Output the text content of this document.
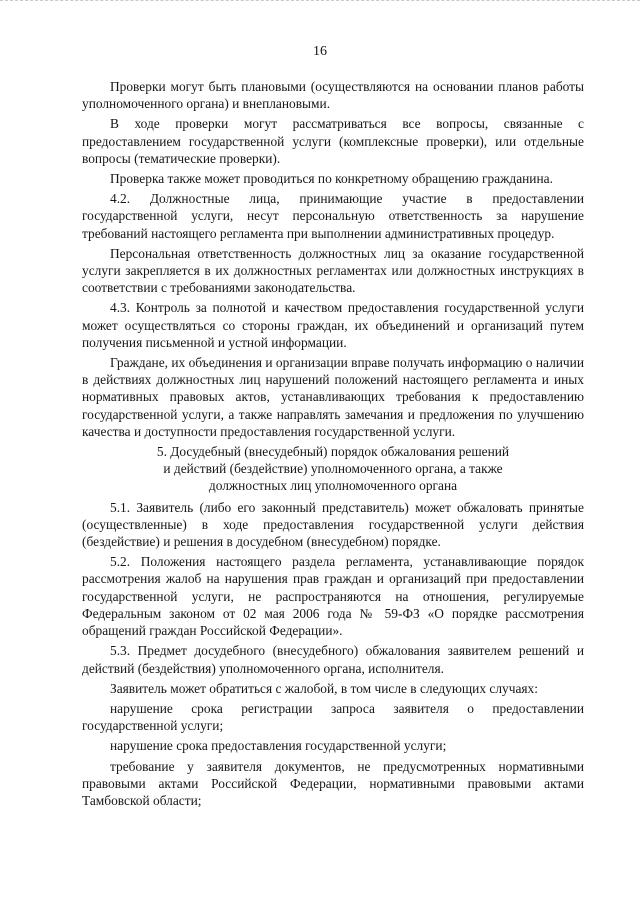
16

Проверки могут быть плановыми (осуществляются на основании планов работы уполномоченного органа) и внеплановыми.

В ходе проверки могут рассматриваться все вопросы, связанные с предоставлением государственной услуги (комплексные проверки), или отдельные вопросы (тематические проверки).

Проверка также может проводиться по конкретному обращению гражданина.

4.2. Должностные лица, принимающие участие в предоставлении государственной услуги, несут персональную ответственность за нарушение требований настоящего регламента при выполнении административных процедур.

Персональная ответственность должностных лиц за оказание государственной услуги закрепляется в их должностных регламентах или должностных инструкциях в соответствии с требованиями законодательства.

4.3. Контроль за полнотой и качеством предоставления государственной услуги может осуществляться со стороны граждан, их объединений и организаций путем получения письменной и устной информации.

Граждане, их объединения и организации вправе получать информацию о наличии в действиях должностных лиц нарушений положений настоящего регламента и иных нормативных правовых актов, устанавливающих требования к предоставлению государственной услуги, а также направлять замечания и предложения по улучшению качества и доступности предоставления государственной услуги.

5. Досудебный (внесудебный) порядок обжалования решений
и действий (бездействие) уполномоченного органа, а также
должностных лиц уполномоченного органа

5.1. Заявитель (либо его законный представитель) может обжаловать принятые (осуществленные) в ходе предоставления государственной услуги действия (бездействие) и решения в досудебном (внесудебном) порядке.

5.2. Положения настоящего раздела регламента, устанавливающие порядок рассмотрения жалоб на нарушения прав граждан и организаций при предоставлении государственной услуги, не распространяются на отношения, регулируемые Федеральным законом от 02 мая 2006 года № 59-ФЗ «О порядке рассмотрения обращений граждан Российской Федерации».

5.3. Предмет досудебного (внесудебного) обжалования заявителем решений и действий (бездействия) уполномоченного органа, исполнителя.

Заявитель может обратиться с жалобой, в том числе в следующих случаях:

нарушение срока регистрации запроса заявителя о предоставлении государственной услуги;

нарушение срока предоставления государственной услуги;

требование у заявителя документов, не предусмотренных нормативными правовыми актами Российской Федерации, нормативными правовыми актами Тамбовской области;
